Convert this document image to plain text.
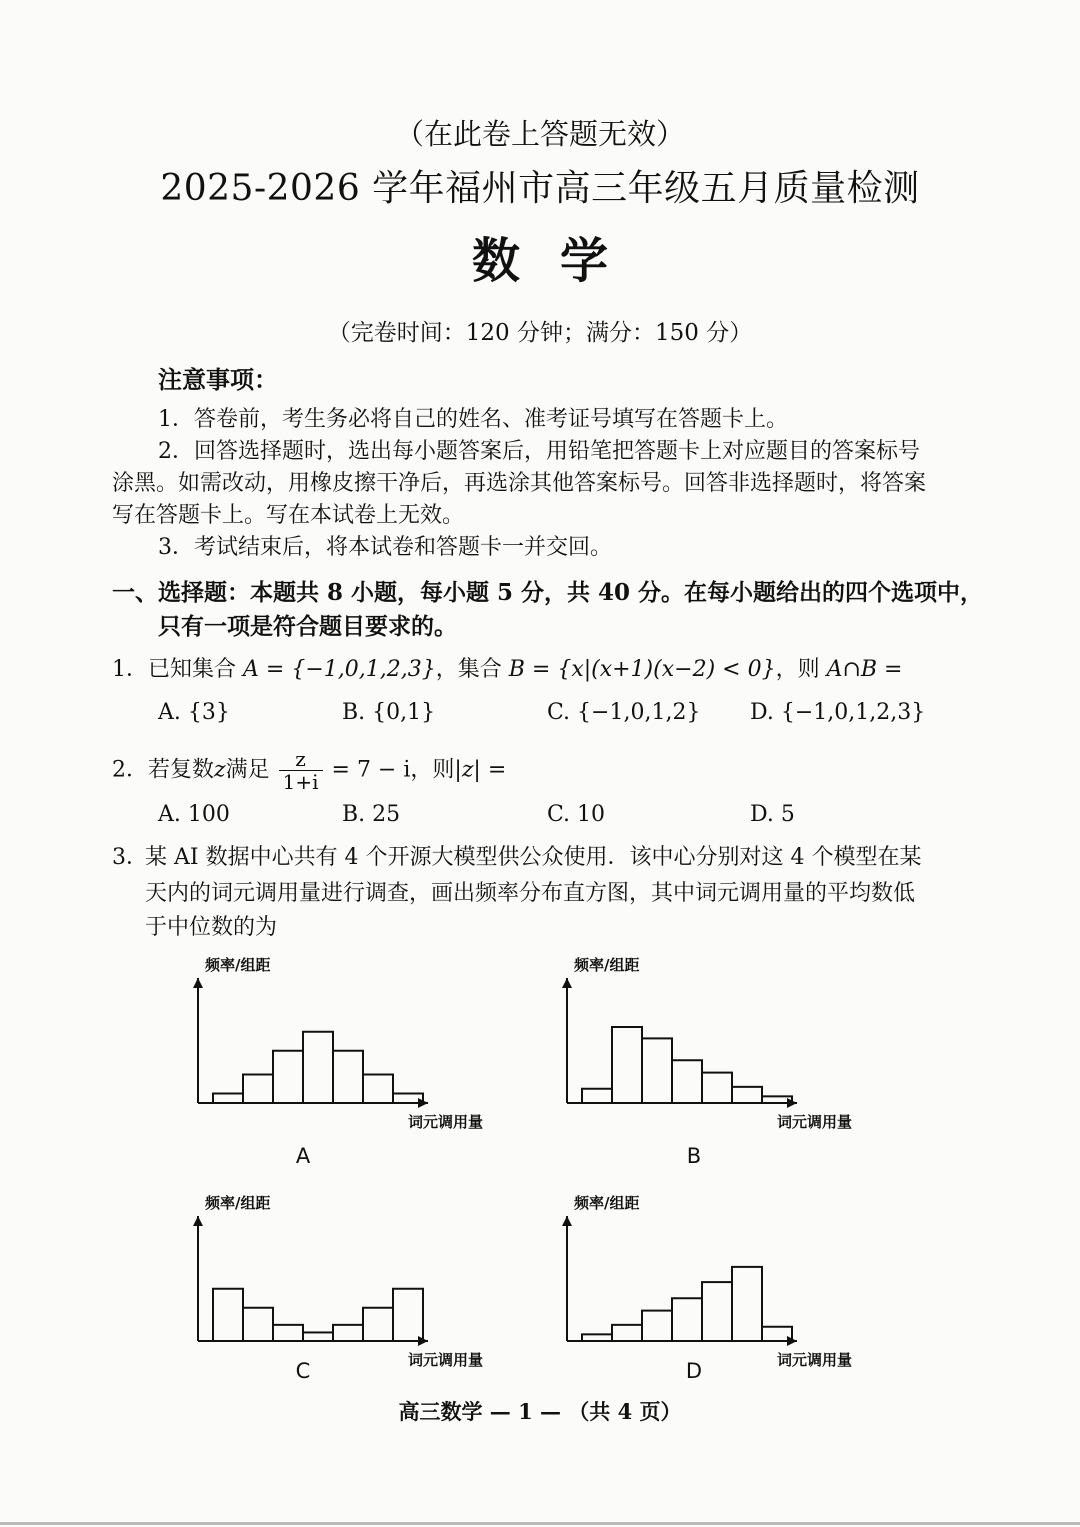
（在此卷上答题无效）
2025-2026 学年福州市高三年级五月质量检测
数学
（完卷时间：120 分钟；满分：150 分）
注意事项：
1．答卷前，考生务必将自己的姓名、准考证号填写在答题卡上。
2．回答选择题时，选出每小题答案后，用铅笔把答题卡上对应题目的答案标号
涂黑。如需改动，用橡皮擦干净后，再选涂其他答案标号。回答非选择题时，将答案
写在答题卡上。写在本试卷上无效。
3．考试结束后，将本试卷和答题卡一并交回。
一、选择题：本题共 8 小题，每小题 5 分，共 40 分。在每小题给出的四个选项中，
只有一项是符合题目要求的。
1．已知集合 A = {−1,0,1,2,3}，集合 B = {x|(x+1)(x−2) < 0}，则 A∩B =
A. {3}	B. {0,1}	C. {−1,0,1,2} D. {−1,0,1,2,3}
2．若复数z满足 $\frac{z}{1+i} = 7 - i$，则|z| =
A. 100	B. 25	C. 10	D. 5
3．
某 AI 数据中心共有 4 个开源大模型供公众使用．该中心分别对这 4 个模型在某
天内的词元调用量进行调查，画出频率分布直方图，其中词元调用量的平均数低
于中位数的为
频率/组距
词元调用量
A
频率/组距
词元调用量
B
频率/组距
词元调用量
C
频率/组距
词元调用量
D
高三数学 — 1 — （共 4 页）
